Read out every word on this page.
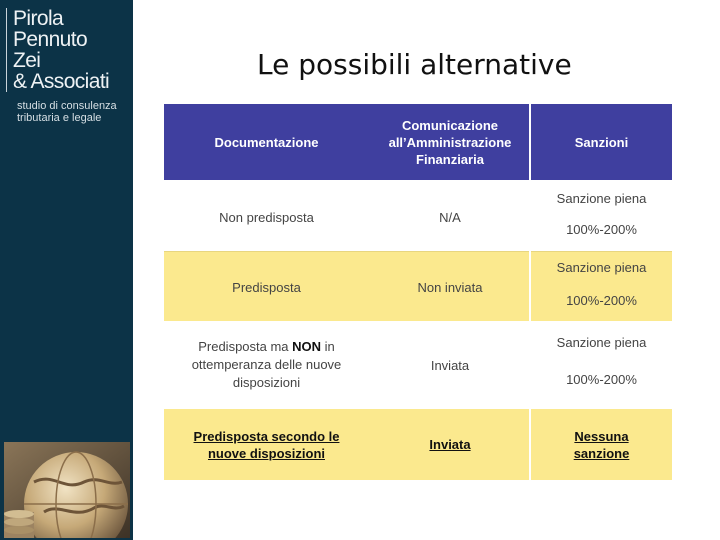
Pirola
Pennuto
Zei
& Associati
studio di consulenza
tributaria e legale
Le possibili alternative
Documentazione
Comunicazione
all’Amministrazione
Finanziaria
Sanzioni
Non predisposta	N/A
Sanzione piena
100%-200%
Predisposta	Non inviata
Sanzione piena
100%-200%
Predisposta ma NON in
ottemperanza delle nuove
disposizioni
Inviata
Sanzione piena
100%-200%
Predisposta secondo le
nuove disposizioni
Inviata
Nessuna
sanzione
